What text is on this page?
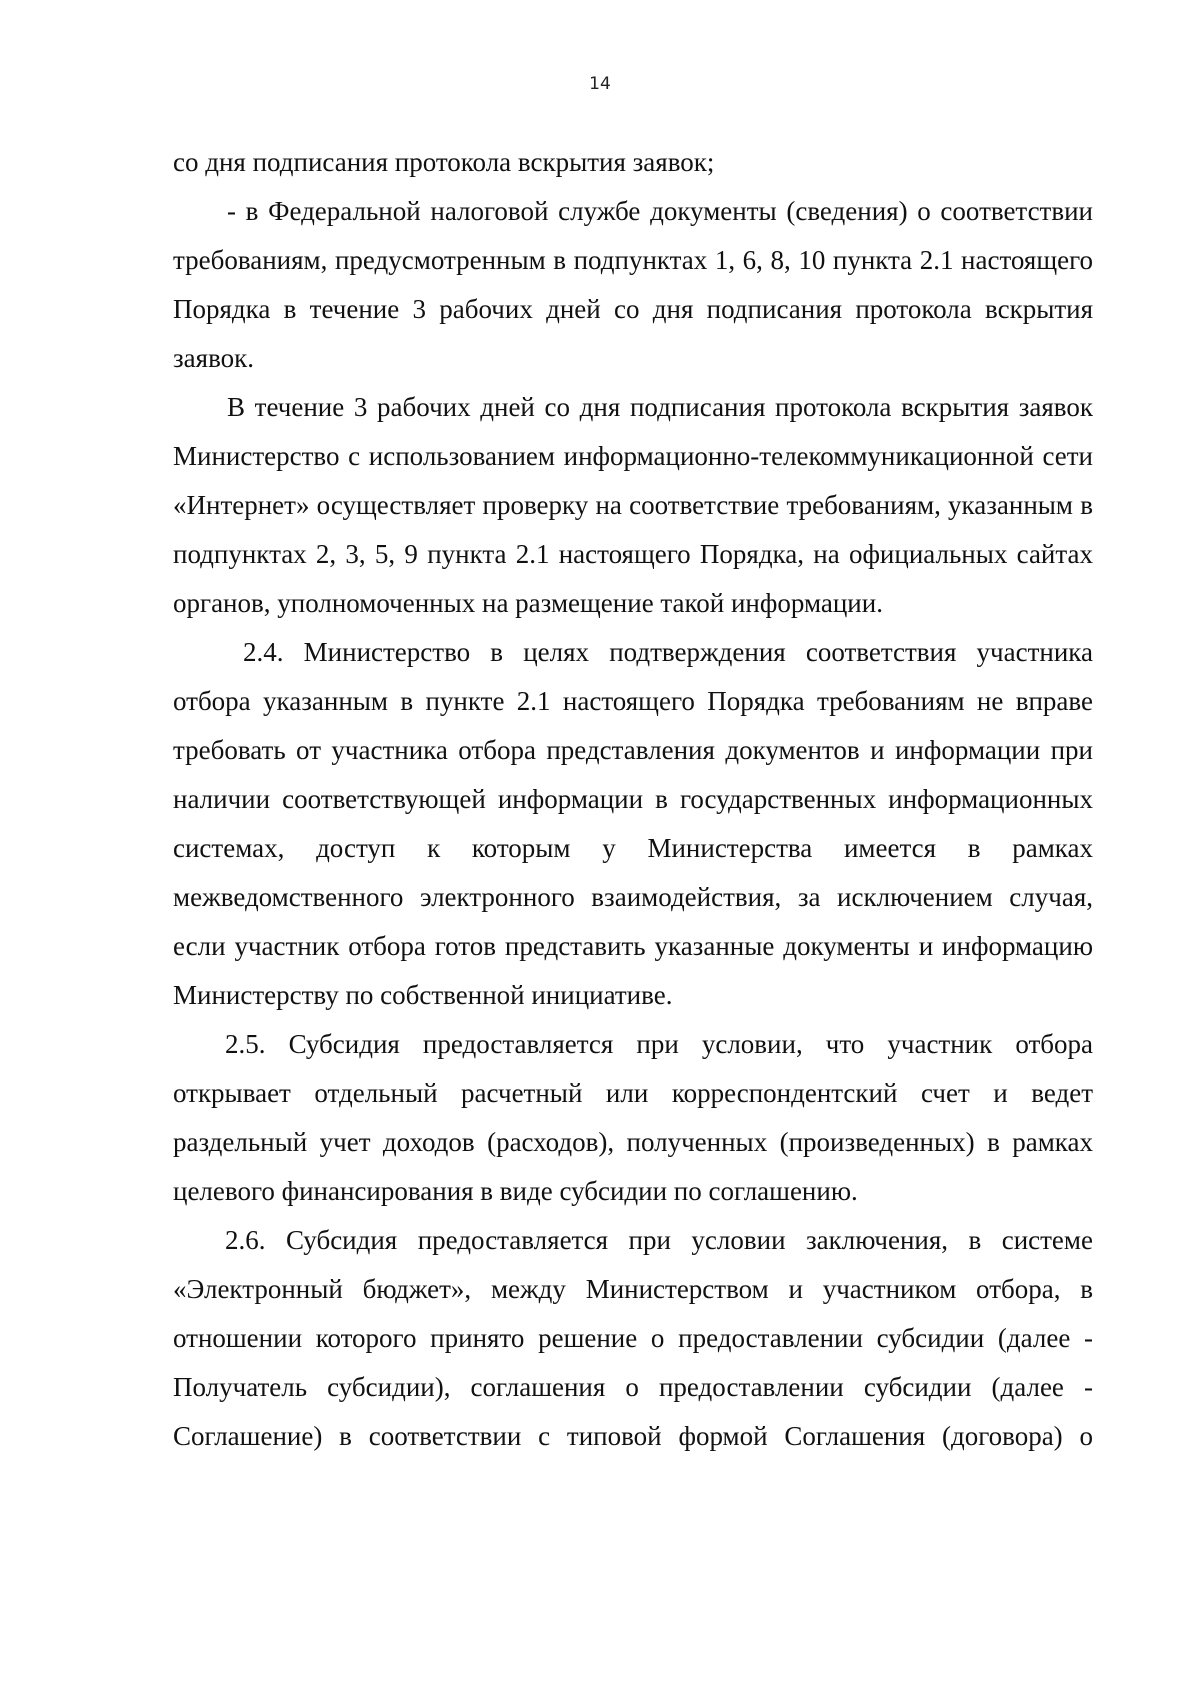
14

со дня подписания протокола вскрытия заявок;

- в Федеральной налоговой службе документы (сведения) о соответствии требованиям, предусмотренным в подпунктах 1, 6, 8, 10 пункта 2.1 настоящего Порядка в течение 3 рабочих дней со дня подписания протокола вскрытия заявок.

В течение 3 рабочих дней со дня подписания протокола вскрытия заявок Министерство с использованием информационно-телекоммуникационной сети «Интернет» осуществляет проверку на соответствие требованиям, указанным в подпунктах 2, 3, 5, 9 пункта 2.1 настоящего Порядка, на официальных сайтах органов, уполномоченных на размещение такой информации.

2.4. Министерство в целях подтверждения соответствия участника отбора указанным в пункте 2.1 настоящего Порядка требованиям не вправе требовать от участника отбора представления документов и информации при наличии соответствующей информации в государственных информационных системах, доступ к которым у Министерства имеется в рамках межведомственного электронного взаимодействия, за исключением случая, если участник отбора готов представить указанные документы и информацию Министерству по собственной инициативе.

2.5. Субсидия предоставляется при условии, что участник отбора открывает отдельный расчетный или корреспондентский счет и ведет раздельный учет доходов (расходов), полученных (произведенных) в рамках целевого финансирования в виде субсидии по соглашению.

2.6. Субсидия предоставляется при условии заключения, в системе «Электронный бюджет», между Министерством и участником отбора, в отношении которого принято решение о предоставлении субсидии (далее - Получатель субсидии), соглашения о предоставлении субсидии (далее - Соглашение) в соответствии с типовой формой Соглашения (договора) о
